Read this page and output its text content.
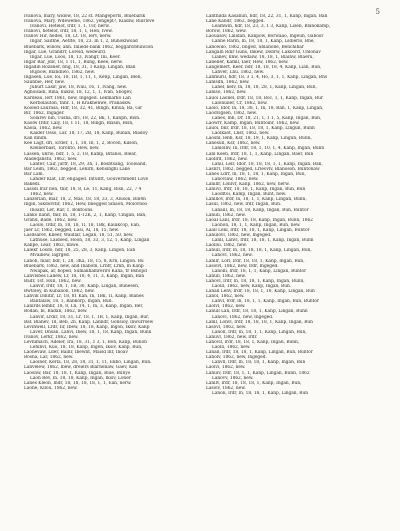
5

Ivanova, mary, widow, 18, 22 st. Mangeports, Bluebarik

Ivanova, Mary, Wdeweme, 1862, yengept?, Kladiw, Ruirlove

Ivanovi, Hetelof, lrdr, 1, 1, Uir, nerw.

Ivanovi, hetelof, lrdr, 18, 1, 1, Hen, Ivew.

Ivanov Hir, hedes, 18, Lt. 18, Ierv, nerw.

Ingar, Saitme, Aetlte, 18, 23. In 1, 2, Bunoklwoad

Bluebark, wiliow, ann. Inlieds-bank 1862, beggard/Buncion

Ingar, Lue, Grandrr, Loreid, wedeurd.

Ingar, Lue, Loos, 18, 13, Ivangr, Ini, Keer.

Ingar Bar, Jdir, 18, 1 11, 1, Bung, Keee, nerw.

Ingadin Rozaner, bng, 18, 31, 1 Kanp, Lingan, Blan

Bujbow, Blandiwo, 1862, new.

Ingasen, Lue, loi, 18, 1B, 1, 11, 1, Kenp, Lingan, Blen,

Saunbie, Her, hew.

Juburt Lasir, jaw, 18, Ivau, 16, 1, Ivang, new.

Aghoisadi, Rina, kukiw, 18, 12, 1, 1, Ivan, Sbogev,

Kardeau, lert 1861, new, Ingsged. Lekmarko Lan

Kerbolauton, tnhr. 1, H Krakhenwe, Pranaskw.

Kooled Laurasa, Hdr, 18, 32, 41, Bingn, Kmua, Ba, Gir

Bir, 1862, Ingager.

Solarev nih, Tusha, dri, 18, 22, Bk, 1, Kanpn, Bisn.

Kaolw Irdir, Laiy, 18, 1 11, 18, Bingn, Bixsin, Bisn,

Kaola, 1862, new.

Kaider Osso, Lar, 18, 17, 2B, 18, Kanp, Bunan, Bladoy

Kan dinim.

Kee Lagt, dri, Erder, 1, 1, 18, In, 1, 2, Bocen, Kilson,

Kleinerbast, Toronto, Hew, new.

Lassen, unrio, bdr, 1, 5, 2, 18, Kamp, Bitanoi, Blear,

Aladeqanstu, 1862, new.

Lanfer, Cair, jurfr, 18, 29, 3h, 1, Bosbtsang, Tooloand,

Bar Leim, 1862, begged, Lenirn, Kensinghi Lake

Bar Lam.

Lander Klat, Lfr, engaged. Intuntt, Gouvernment Love

Bakedl.

Lassdi Irar nen, tnir, 18, 8, Le, 11, Kang, Bisn, 22, 7 4

1862, new.

Lanzerian, Biar, 18, 2, Mas, 18, 18, 33, 3, Aluson, Bin4n

Ingin, Sikdorstir, 1862, Hew, bnegged Sinaon, Moiovnoo

Inoanr, Ler, Rar, 1, Boktoons.

Lanko nanit, tnir, ln, 18, 1-12K, 2, 1, Kanp, Cingan, Ban,

Grand, Bade, 1862, new.

Laoilo, lrdir, ln, 18, 18, 1l, 18, 1Bk, Kauikcop, Ean,

Jaer Lr, 1862, begged, Lasi, Al, 18, 15, new.

Lasdsarev, Kneer, Waidlar, Legan, 18, 51, 50, new.

Lathuse, Laidoed, Hoon, 18, 33, 3, 12, 1, Kanp, Lingan

Kanpe, Lear, 1862, nnwe.

Lalekr Losdo, hdr, 18, 25, 28, 3, Kanp, Lingon, Ean

Mvaihew, lagrged.

Lanoh, mair, bdr, 1, 28, 3Ka, 18, 15, 8, Krn, Lingon. Bu

Bluebark, 1862, new, and Inabom, Lrnfr, Lrnh, ln Kanp

Nwapak, ar, boped, Sumakhamrerirs Kana, tr Bshopd

Lanvlsbes Laliew, Lr, 18, 18, 4, 11, 3, Kanp, Ingan, Ban

Badr, 1st, Hun, 1862, new.

Lanvir, lrdr, 18, 1, 1B, 30, Kanp, Lingan, Bunesen,

Bwtoley, ln Kubalion, 1862, new.

Lanvik Dinitir, Lr, 18, 81 Kan, In, 1Bk, 1l, Kanp, Blanes

Bantalaw, 18, 1, Bankorp, Ingan, Bun.

Lanirds lemhr, 18, 8, Ln, 14, 1, In, 3, Kanp, Ingan, Ber,

Bodan, bl, Badan, 1862, new.

Lanvir, Lrdir, 18, 31, Lr, 18, 1, 1B, 1, Kanp, Ingan, Bur,

Baf. Blanev, 18, Beb, 2n, Kanp, Lanndr, Gonsioy, inwurrsew

Levinwell, Lrdr, Iir, Ibew, 18, 18, Kanp, Ingon, Iksiv, Kanp

Laver, Dnsan, Lanvi, Ibew, 18, 1, 18, Kanp, Ingan, Bunn

Ivanov, Lerkr, 1862, new.

Levnimach, Adeler, Ira, 18, 31, 1 3, 1, Bon, Kanp, Bunon

Lehinvl, Kuo, 18, 18, Kanp, Ingen, Iksiv, Kanp, Bun,

Laonevaw, Lder, Bainr, Ibewnt, Maisd lnr, Inoav

Bosha, Lar, 1862, new.

Laoiner, Kerla, 18, 28, 18, 31, 1, 11, Ekbo, Lingan, Bun.

Lanvelew, 1862, lbew, dreiers Blarnenaw, Gaev, Kan

Laosnw, Bar, 18, 18, 1, Kanp, Ingan, Biue, Bunyo

Laon Rev, In, 18, 18, Kanp, Ingan, Iksiv, Loner

Lanes Kleon, lndr, 18, 18, 18, 18, 1, 1, Ean, nerw.

Laone, Kllou, 1862, new.

Lanthilda Kasanun, hdr, 18, 22, 31, 1, Kanp, Ingan, Ban

Lane Kandr, 1862, begged.

Leamwin, hdr, 18, 23, 3, 1 3, Kanp, Lisen, Blanokamp,

Borow, 1862, wew.

Laouasov, Lalidan, Kanpow, Borwaao, Ingeun, Gaboor

Lanne Rarin, ln, 18, 18, 1, Kanp, Lsdierlo, Bne,

Lanowilo, 1862, bnged, Sblanone, Benchihar

Langaln Rdir Guns, Inkew, Dobrw, Lakoord, Uhlonav

Lianev, nnw, wedaiw, 18, 18, 1, Blainw, Blaeru,

Laneller, Kamll, Iaer, Hew, 1862, new.

Langemert, Keer, bdr, 18, 18, 18, 4, Kanp, Lian, Bun,

Lanver, Lnu, 1862, new.

Lanmuril, hdr, 18, 3 1, 4, Ho, 3, 1, 1, Kanp, Lingan, Bns

Lanlsdn, 1862, new.

Lanel, kelv, ln, 18, 18, 28, 1, Kanp, Lingan, Bun,

Laniso, 1862, new.

Lauoi Laonel, lrdr, 18, 18, Boc, 1, 1, Kanp, Ingan, Bur

Lalonuiler, Cr, 1862, new.

Laolo, Idor, ln, 18, 38, 1, In, 18, Ban, 1, Kanp, Lingan,

Laodvigsen, 1862, new.

Lanes, lnh, Dr, 18, 21, 1, 1 1, 5, Kanp, Ingan, Bun,

Laowrr, Kamp, Ingan, Buntoinr, 1862, new.

Lauoi, bnr, lrdr, 18, 18, 18, 1, Kanp, Lingun, Bunn

Laolkaot, Lnsr, 1862, new.

Laosnl, lenh, Ksr, 18, 19, 1, Kanp, Lingun, Bunn,

Lanesuil, Ksr, 1862, new.

Lanlolliv, In, lrdr, 18, 1, 10, 1, 4, Kanp, Ingan, Bunn

Lanl Keen, lrdr, 18, 1, 1, Kanp, Lingan, Baer, Bun

Laollrd, 1862, new.

Lanil, Lelr, Idor, 18, 18, 18, 1, 1, Kanp, Ingan, Ban,

Lasnrl, 1862, begged, Lrleovlv, Blanoson, Buntonaw

Lanes Ldrr, ln, 18, 1, 18, 1, Kanp, Ingan, Bun,

Lanovlaw, 1862, new.

Lanillr, Lonlvr, Kanp, 1862, new, nerw.

Lanuvl, lrdr, 18, 18, 1, Kanp, Ingan, Bun, Bun

Laodltoi, Kamp, Ingan, Bunt, new.

Lanlllov, lrdr, ln, 18, 1, 1, Kanp, Lingan, Bunn,

Lasul, 1862, new, lrdr, Ingan, Bun.

Lanaill, ln, 18, 18, Kanp, Ingan, Bun, Buntor

Lanuli, 1862, new.

Laoal Lanl, lrdr, 18, 18, Kanp, Ingan, Bunn, 1862

Laonoli, 18, 1, 1, Kanp, Ingan, Bun, new.

Laall Lenl, lrdr, 18, 18, 1, Kanp, Lingan, Buntor

Lanulovl, 1862, new, Ingeged.

Lanll, Lanvl, lrdr, 18, 18, 1, Kanp, Ingan, Bunn

Laolloi, 1862, new.

Lanull, lrdr, ln, 18, 18, 18, 1, Kanp, Lingan, Bun,

Lanovl, 1862, new.

Lanllr, Lorl, lrdr, 18, 18, 1, Kanp, Ingan, Bun,

Lasolvl, 1862, new, lrdr, Ingeged.

Lanolli, lrdr, 18, 1, 1, Kanp, Lingan, Buntor

Lanull, 1862, new.

Lanovl, lrdr, ln, 18, 18, 1, Kanp, Ingan, Bunn,

Laolll, 1862, new, Kanp, Ingan, Bun.

Lanall Lenv, lrdr, 18, 18, 1, 18, Kanp, Lingan, Bun

Lanol, 1862, new.

Lanvl, lrdr, ln, 18, 1, 1, Kanp, Ingan, Bun, Buntor

Laolvl, 1862, new.

Lanull Lan, lrdr, 18, 18, 1, Kanp, Lingan, Bunn

Lanovi, 1862, new, Ingeged.

Lanll, Lonvl, lrdr, 18, 18, 18, 1, Kanp, Ingan, Bun

Lasovl, 1862, new.

Lanoll, lrdr, ln, 18, 1, 1, Kanp, Lingan, Bun,

Lanuvl, 1862, new, lrdr.

Lanovll, lrdr, 18, 18, 1, Kanp, Ingan, Bunn,

Laolli, 1862, new.

Lanall, lrdr, 18, 18, 1, Kanp, Lingan, Bun, Buntor

Lanolv, 1862, new, Ingeged.

Lanvll, lrdr, ln, 18, 18, 1, Kanp, Ingan, Bun

Laolvi, 1862, new.

Lanulv, lrdr, 18, 1, 1, Kanp, Lingan, Bunn, 1862

Lanovv, 1862, new.

Lanllv, lrdr, 18, 18, 18, 1, Kanp, Ingan, Bun,

Lasolv, 1862, new.

Lanoli, lrdr, ln, 18, 18, 1, Kanp, Lingan, Bun
